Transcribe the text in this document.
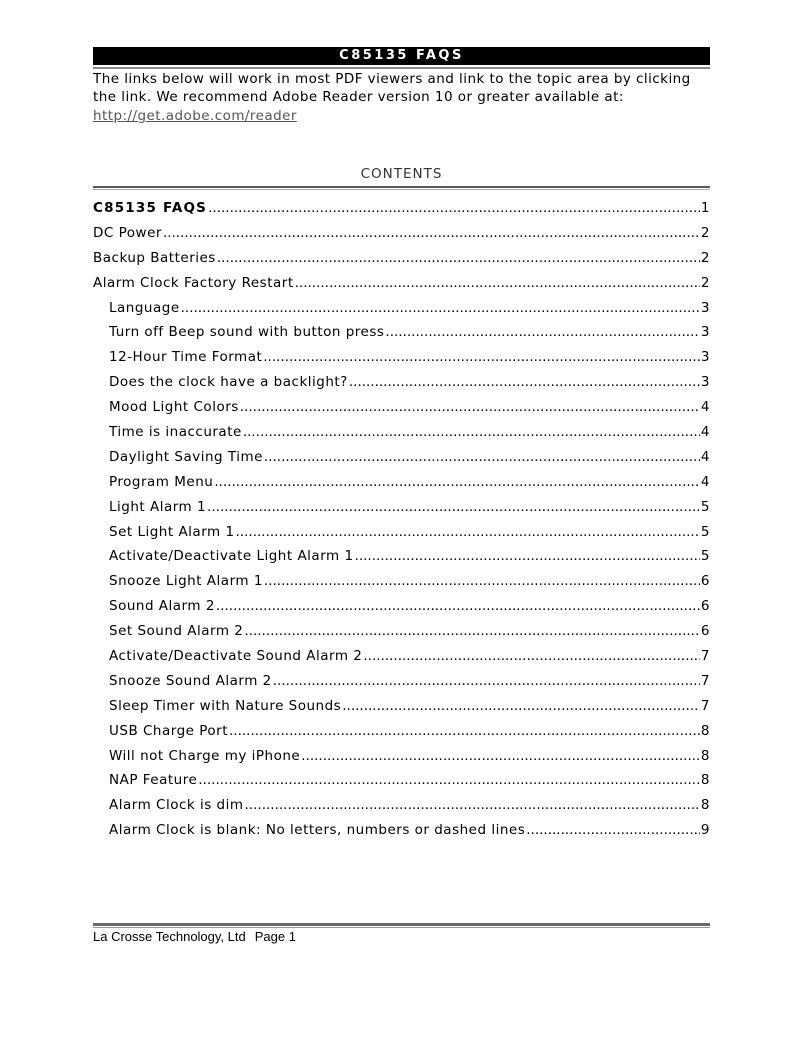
C85135 FAQS
The links below will work in most PDF viewers and link to the topic area by clicking the link. We recommend Adobe Reader version 10 or greater available at:
http://get.adobe.com/reader
CONTENTS
C85135 FAQS .....	1
DC Power .....	2
Backup Batteries .....	2
Alarm Clock Factory Restart .....	2
Language .....	3
Turn off Beep sound with button press .....	3
12-Hour Time Format .....	3
Does the clock have a backlight? .....	3
Mood Light Colors .....	4
Time is inaccurate .....	4
Daylight Saving Time .....	4
Program Menu .....	4
Light Alarm 1 .....	5
Set Light Alarm 1 .....	5
Activate/Deactivate Light Alarm 1 .....	5
Snooze Light Alarm 1 .....	6
Sound Alarm 2 .....	6
Set Sound Alarm 2 .....	6
Activate/Deactivate Sound Alarm 2 .....	7
Snooze Sound Alarm 2 .....	7
Sleep Timer with Nature Sounds .....	7
USB Charge Port .....	8
Will not Charge my iPhone .....	8
NAP Feature .....	8
Alarm Clock is dim .....	8
Alarm Clock is blank: No letters, numbers or dashed lines .....	9
La Crosse Technology, Ltd Page 1
